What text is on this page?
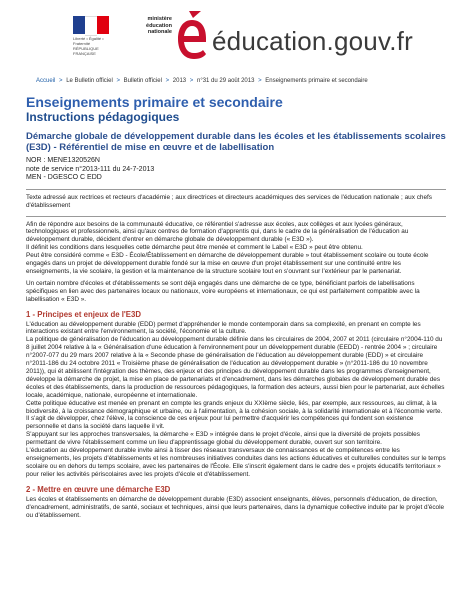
Liberté • Égalité • Fraternité
RÉPUBLIQUE FRANÇAISE
ministère
éducation
nationale éducation.gouv.fr
Accueil > Le Bulletin officiel > Bulletin officiel > 2013 > n°31 du 29 août 2013 > Enseignements primaire et secondaire
Enseignements primaire et secondaire
Instructions pédagogiques
Démarche globale de développement durable dans les écoles et les établissements scolaires (E3D) - Référentiel de mise en œuvre et de labellisation
NOR : MENE1320526N
note de service n°2013-111 du 24-7-2013
MEN - DGESCO C EDD
Texte adressé aux rectrices et recteurs d'académie ; aux directrices et directeurs académiques des services de l'éducation nationale ; aux chefs d'établissement

Afin de répondre aux besoins de la communauté éducative, ce référentiel s'adresse aux écoles, aux collèges et aux lycées généraux, technologiques et professionnels, ainsi qu'aux centres de formation d'apprentis qui, dans le cadre de la généralisation de l'éducation au développement durable, décident d'entrer en démarche globale de développement durable (« E3D »).

Il définit les conditions dans lesquelles cette démarche peut être menée et comment le Label « E3D » peut être obtenu.

Peut être considéré comme « E3D - École/Établissement en démarche de développement durable » tout établissement scolaire ou toute école engagés dans un projet de développement durable fondé sur la mise en œuvre d'un projet établissement sur une continuité entre les enseignements, la vie scolaire, la gestion et la maintenance de la structure scolaire tout en s'ouvrant sur l'extérieur par le partenariat.

Un certain nombre d'écoles et d'établissements se sont déjà engagés dans une démarche de ce type, bénéficiant parfois de labellisations spécifiques en lien avec des partenaires locaux ou nationaux, voire européens et internationaux, ce qui est parfaitement compatible avec la labellisation « E3D ».

1 - Principes et enjeux de l'E3D

L'éducation au développement durable (EDD) permet d'appréhender le monde contemporain dans sa complexité, en prenant en compte les interactions existant entre l'environnement, la société, l'économie et la culture.

La politique de généralisation de l'éducation au développement durable définie dans les circulaires de 2004, 2007 et 2011 (circulaire n°2004-110 du 8 juillet 2004 relative à la « Généralisation d'une éducation à l'environnement pour un développement durable (EEDD) - rentrée 2004 » ; circulaire n°2007-077 du 29 mars 2007 relative à la « Seconde phase de généralisation de l'éducation au développement durable (EDD) » et circulaire n°2011-186 du 24 octobre 2011 « Troisième phase de généralisation de l'éducation au développement durable » (n°2011-186 du 10 novembre 2011)), qui ét abilissent l'intégration des thèmes, des enjeux et des principes du développement durable dans les programmes d'enseignement, développe la démarche de projet, la mise en place de partenariats et d'encadrement, dans les démarches globales de développement durable des écoles et des établissements, dans la production de ressources pédagogiques, la formation des acteurs, aussi bien pour le partenariat, aux échelles locale, académique, nationale, européenne et internationale.

Cette politique éducative est menée en prenant en compte les grands enjeux du XXIème siècle, liés, par exemple, aux ressources, au climat, à la biodiversité, à la croissance démographique et urbaine, ou à l'alimentation, à la cohésion sociale, à la solidarité internationale et à l'économie verte. Il s'agit de développer, chez l'élève, la conscience de ces enjeux pour lui permettre d'acquérir les compétences qui fondent son existence personnelle et dans la société dans laquelle il vit.

S'appuyant sur les approches transversales, la démarche « E3D » intégrée dans le projet d'école, ainsi que la diversité de projets possibles permettant de vivre l'établissement comme un lieu d'apprentissage global du développement durable, ouvert sur son territoire.

L'éducation au développement durable invite ainsi à tisser des réseaux transversaux de connaissances et de compétences entre les enseignements, les projets d'établissements et les nombreuses initiatives conduites dans les actions éducatives et culturelles conduites sur le temps scolaire ou en dehors du temps scolaire, avec les partenaires de l'École. Elle s'inscrit également dans le cadre des « projets éducatifs territoriaux » pour relier les activités périscolaires avec les projets d'école et d'établissement.

2 - Mettre en œuvre une démarche E3D

Les écoles et établissements en démarche de développement durable (E3D) associent enseignants, élèves, personnels d'éducation, de direction, d'encadrement, administratifs, de santé, sociaux et techniques, ainsi que leurs partenaires, dans la dynamique collective induite par le projet d'école ou d'établissement.
